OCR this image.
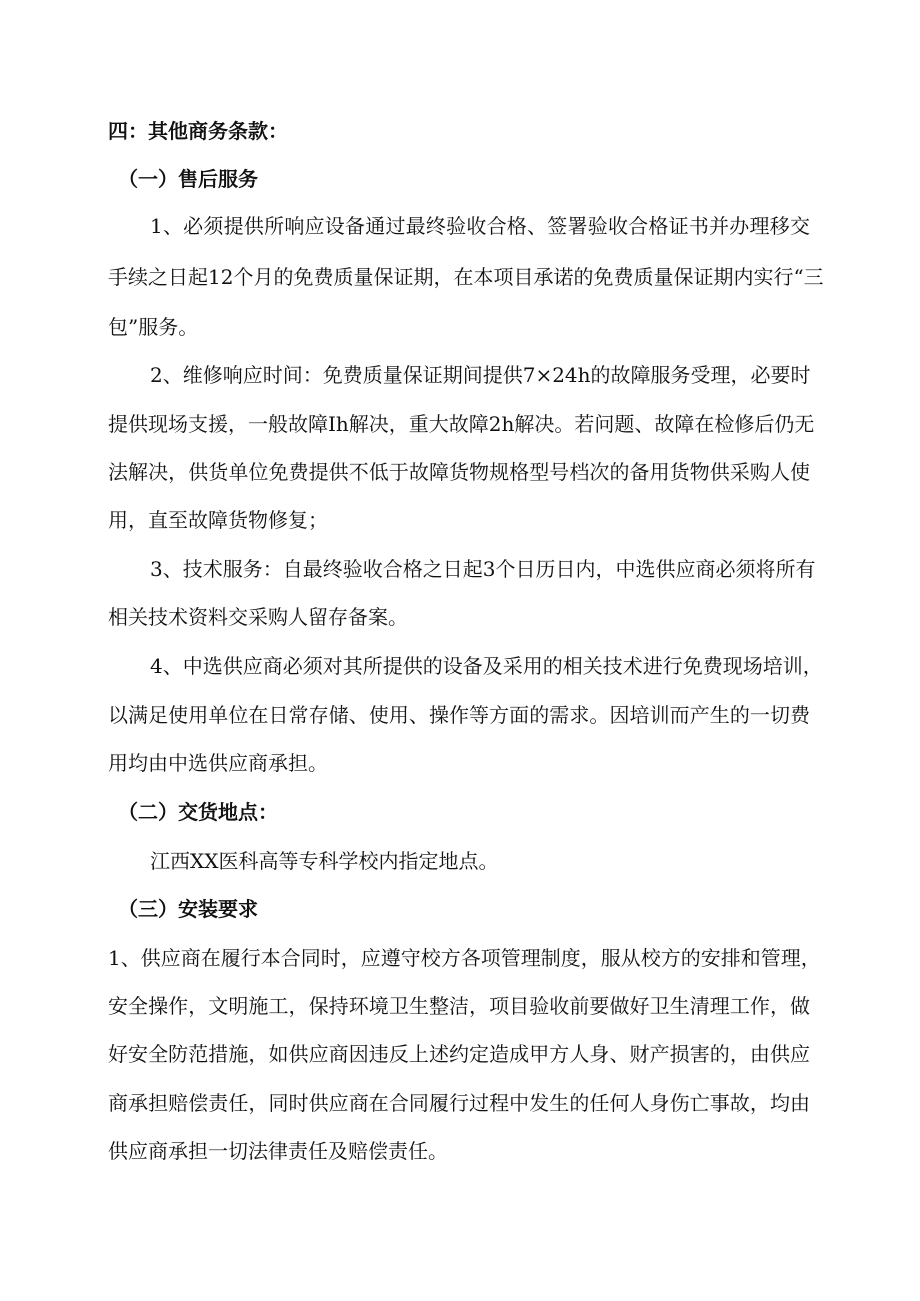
四：其他商务条款：
（一）售后服务
1、必须提供所响应设备通过最终验收合格、签署验收合格证书并办理移交
手续之日起12个月的免费质量保证期，在本项目承诺的免费质量保证期内实行“三
包”服务。
2、维修响应时间：免费质量保证期间提供7×24h的故障服务受理，必要时
提供现场支援，一般故障Ih解决，重大故障2h解决。若问题、故障在检修后仍无
法解决，供货单位免费提供不低于故障货物规格型号档次的备用货物供采购人使
用，直至故障货物修复；
3、技术服务：自最终验收合格之日起3个日历日内，中选供应商必须将所有
相关技术资料交采购人留存备案。
4、中选供应商必须对其所提供的设备及采用的相关技术进行免费现场培训，
以满足使用单位在日常存储、使用、操作等方面的需求。因培训而产生的一切费
用均由中选供应商承担。
（二）交货地点：
江西XX医科高等专科学校内指定地点。
（三）安装要求
1、供应商在履行本合同时，应遵守校方各项管理制度，服从校方的安排和管理，
安全操作，文明施工，保持环境卫生整洁，项目验收前要做好卫生清理工作，做
好安全防范措施，如供应商因违反上述约定造成甲方人身、财产损害的，由供应
商承担赔偿责任，同时供应商在合同履行过程中发生的任何人身伤亡事故，均由
供应商承担一切法律责任及赔偿责任。
